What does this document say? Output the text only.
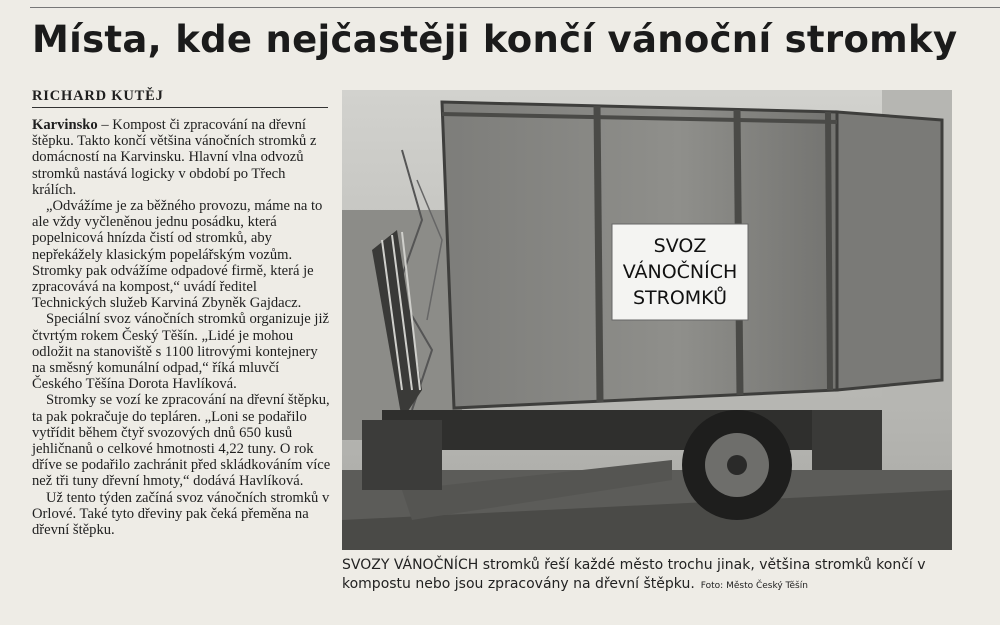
Místa, kde nejčastěji končí vánoční stromky
RICHARD KUTĚJ

Karvinsko – Kompost či zpracování na dřevní štěpku. Takto končí většina vánočních stromků z domácností na Karvinsku. Hlavní vlna odvozů stromků nastává logicky v období po Třech králích.

„Odvážíme je za běžného provozu, máme na to ale vždy vyčleněnou jednu posádku, která popelnicová hnízda čistí od stromků, aby nepřekážely klasickým popelářským vozům. Stromky pak odvážíme odpadové firmě, která je zpracovává na kompost,“ uvádí ředitel Technických služeb Karviná Zbyněk Gajdacz.

Speciální svoz vánočních stromků organizuje již čtvrtým rokem Český Těšín. „Lidé je mohou odložit na stanoviště s 1100 litrovými kontejnery na směsný komunální odpad,“ říká mluvčí Českého Těšína Dorota Havlíková.

Stromky se vozí ke zpracování na dřevní štěpku, ta pak pokračuje do tepláren. „Loni se podařilo vytřídit během čtyř svozových dnů 650 kusů jehličnanů o celkové hmotnosti 4,22 tuny. O rok dříve se podařilo zachránit před skládkováním více než tři tuny dřevní hmoty,“ dodává Havlíková.

Už tento týden začíná svoz vánočních stromků v Orlové. Také tyto dřeviny pak čeká přeměna na dřevní štěpku.

SVOZ
VÁNOČNÍCH
STROMKŮ
SVOZY VÁNOČNÍCH stromků řeší každé město trochu jinak, většina stromků končí v kompostu nebo jsou zpracovány na dřevní štěpku. Foto: Město Český Těšín
